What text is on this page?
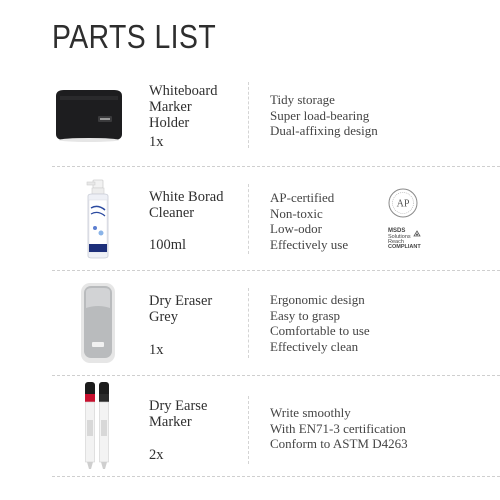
PARTS LIST
Whiteboard
Marker
Holder
1x
Tidy storage
Super load-bearing
Dual-affixing design
White Borad
Cleaner
100ml
AP-certified
Non-toxic
Low-odor
Effectively use
AP
MSDS
Solutions
Reach
COMPLIANT
Dry Eraser
Grey
1x
Ergonomic design
Easy to grasp
Comfortable to use
Effectively clean
Dry Earse
Marker
2x
Write smoothly
With EN71-3 certification
Conform to ASTM D4263
